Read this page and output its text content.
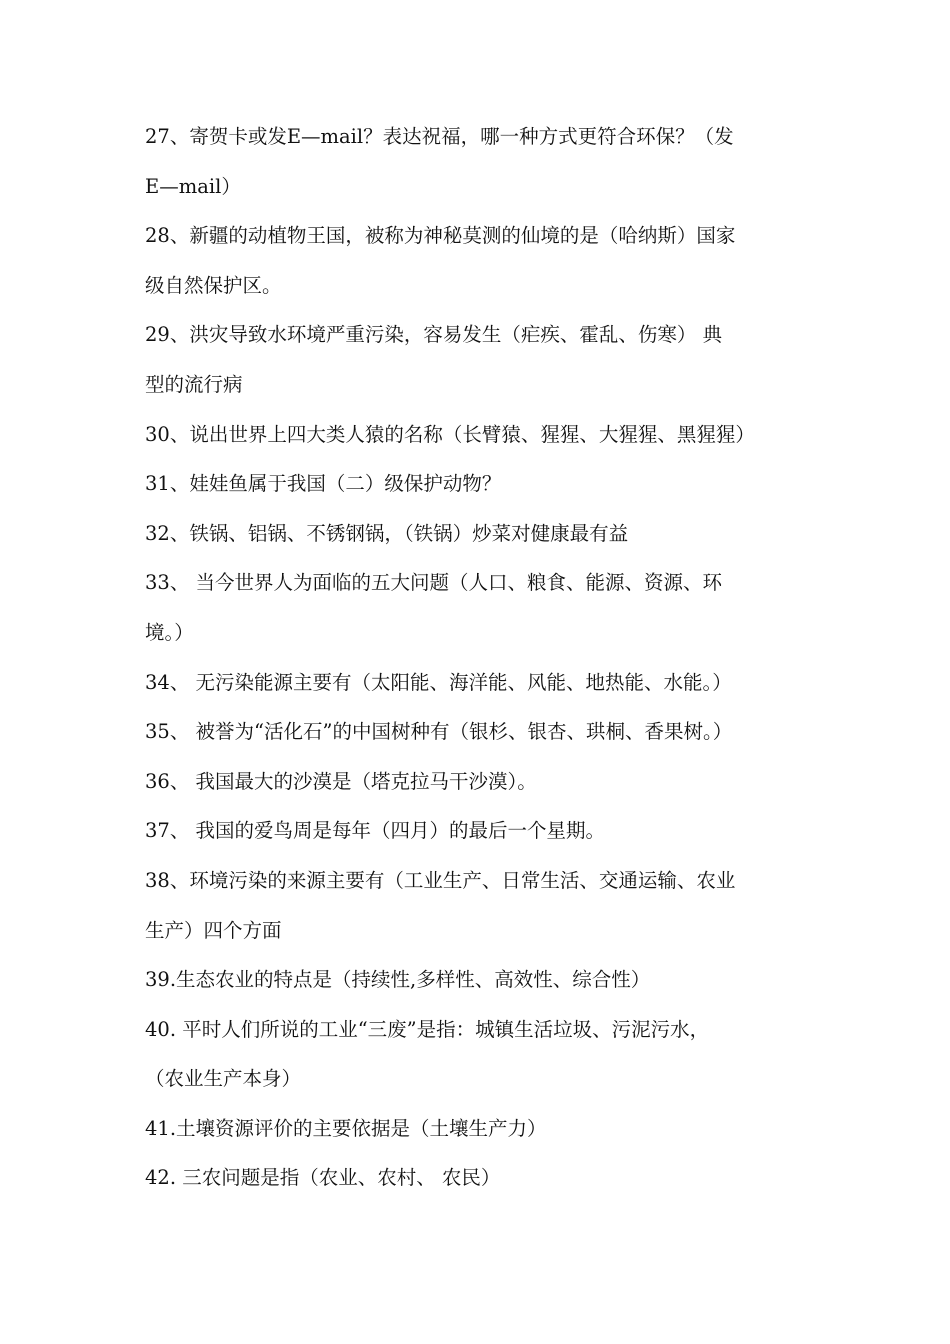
27、寄贺卡或发E—mail？表达祝福，哪一种方式更符合环保？（发
E—mail）
28、新疆的动植物王国，被称为神秘莫测的仙境的是（哈纳斯）国家
级自然保护区。
29、洪灾导致水环境严重污染，容易发生（疟疾、霍乱、伤寒） 典
型的流行病
30、说出世界上四大类人猿的名称（长臂猿、猩猩、大猩猩、黑猩猩）
31、娃娃鱼属于我国（二）级保护动物？
32、铁锅、铝锅、不锈钢锅，（铁锅）炒菜对健康最有益
33、 当今世界人为面临的五大问题（人口、粮食、能源、资源、环
境。）
34、 无污染能源主要有（太阳能、海洋能、风能、地热能、水能。）
35、 被誉为“活化石”的中国树种有（银杉、银杏、珙桐、香果树。）
36、 我国最大的沙漠是（塔克拉马干沙漠）。
37、 我国的爱鸟周是每年（四月）的最后一个星期。
38、环境污染的来源主要有（工业生产、日常生活、交通运输、农业
生产）四个方面
39.生态农业的特点是（持续性,多样性、高效性、综合性）
40. 平时人们所说的工业“三废”是指：城镇生活垃圾、污泥污水，
（农业生产本身）
41.土壤资源评价的主要依据是（土壤生产力）
42. 三农问题是指（农业、农村、 农民）
